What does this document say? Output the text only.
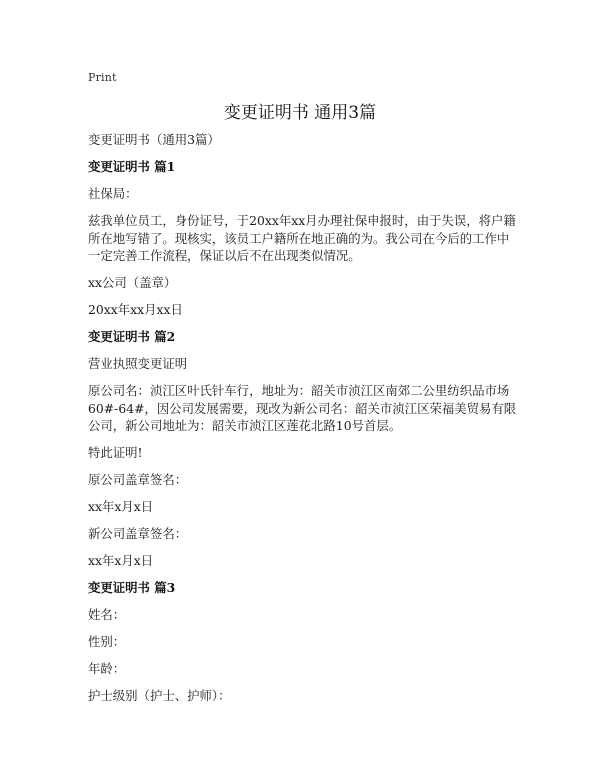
Print
变更证明书 通用3篇

变更证明书（通用3篇）

变更证明书 篇1

社保局：

兹我单位员工，身份证号，于20xx年xx月办理社保申报时，由于失误，将户籍所在地写错了。现核实，该员工户籍所在地正确的为。我公司在今后的工作中一定完善工作流程，保证以后不在出现类似情况。

xx公司（盖章）

20xx年xx月xx日

变更证明书 篇2

营业执照变更证明

原公司名：浈江区叶氏针车行，地址为：韶关市浈江区南郊二公里纺织品市场60#-64#，因公司发展需要，现改为新公司名：韶关市浈江区荣福美贸易有限公司，新公司地址为：韶关市浈江区莲花北路10号首层。

特此证明!

原公司盖章签名：

xx年x月x日

新公司盖章签名：

xx年x月x日

变更证明书 篇3

姓名：

性别：

年龄：

护士级别（护士、护师）：
